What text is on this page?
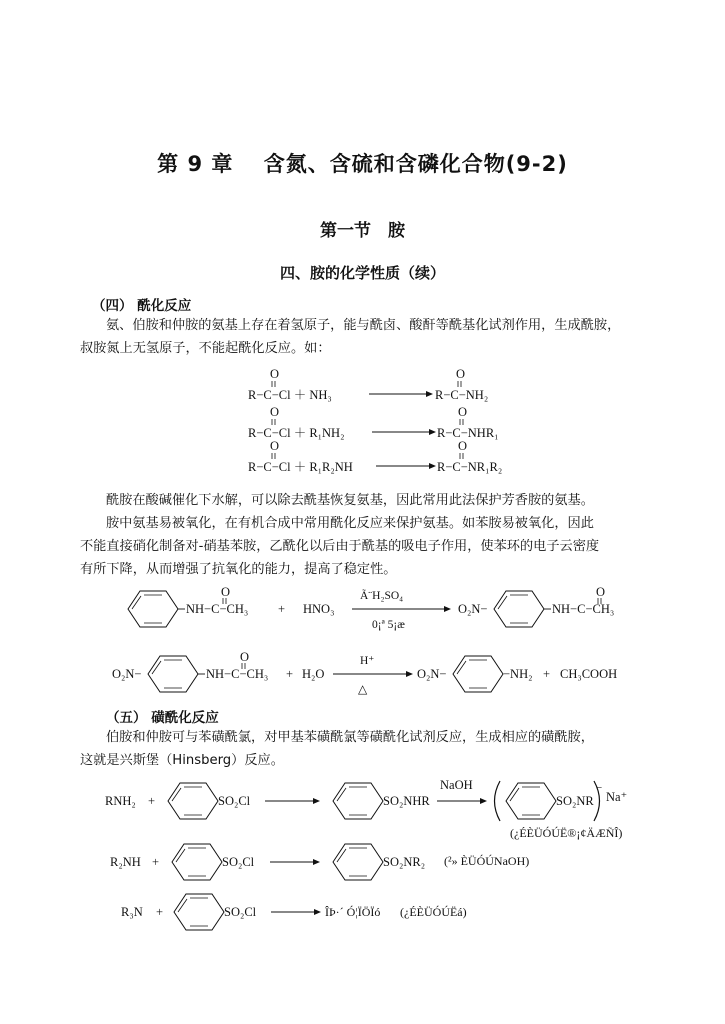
第 9 章　 含氮、含硫和含磷化合物(9-2)
第一节　胺
四、胺的化学性质（续）
（四） 酰化反应
氨、伯胺和仲胺的氨基上存在着氢原子，能与酰卤、酸酐等酰基化试剂作用，生成酰胺，
叔胺氮上无氢原子，不能起酰化反应。如：
O
R−C−Cl ＋ NH₃
O
R−C−NH₂
O
R−C−Cl ＋ R₁NH₂
O
R−C−NHR₁
O
R−C−Cl ＋ R₁R₂NH
O
R−C−NR₁R₂
酰胺在酸碱催化下水解，可以除去酰基恢复氨基，因此常用此法保护芳香胺的氨基。
胺中氨基易被氧化，在有机合成中常用酰化反应来保护氨基。如苯胺易被氧化，因此
不能直接硝化制备对-硝基苯胺，乙酰化以后由于酰基的吸电子作用，使苯环的电子云密度
有所下降，从而增强了抗氧化的能力，提高了稳定性。
NH−C−CH₃
O
+ HNO₃
Ã¨H₂SO₄
0¡ª 5¡æ
O₂N−	NH−C−CH₃
O
O₂N−	NH−C−CH₃
O
+ H₂O
H⁺
△
O₂N−	−NH₂ + CH₃COOH
（五） 磺酰化反应
伯胺和仲胺可与苯磺酰氯，对甲基苯磺酰氯等磺酰化试剂反应，生成相应的磺酰胺，
这就是兴斯堡（Hinsberg）反应。
RNH₂ +	SO₂Cl	SO₂NHR
NaOH
SO₂NR
−
Na⁺
(¿ÉÈÜÓÚË®¡¢ÄÆÑÎ)
R₂NH +	SO₂Cl	SO₂NR₂ (²» ÈÜÓÚNaOH)
R₃N +	SO₂Cl	ÎÞ·´ Ó¦ÏÖÏó (¿ÉÈÜÓÚËá)
